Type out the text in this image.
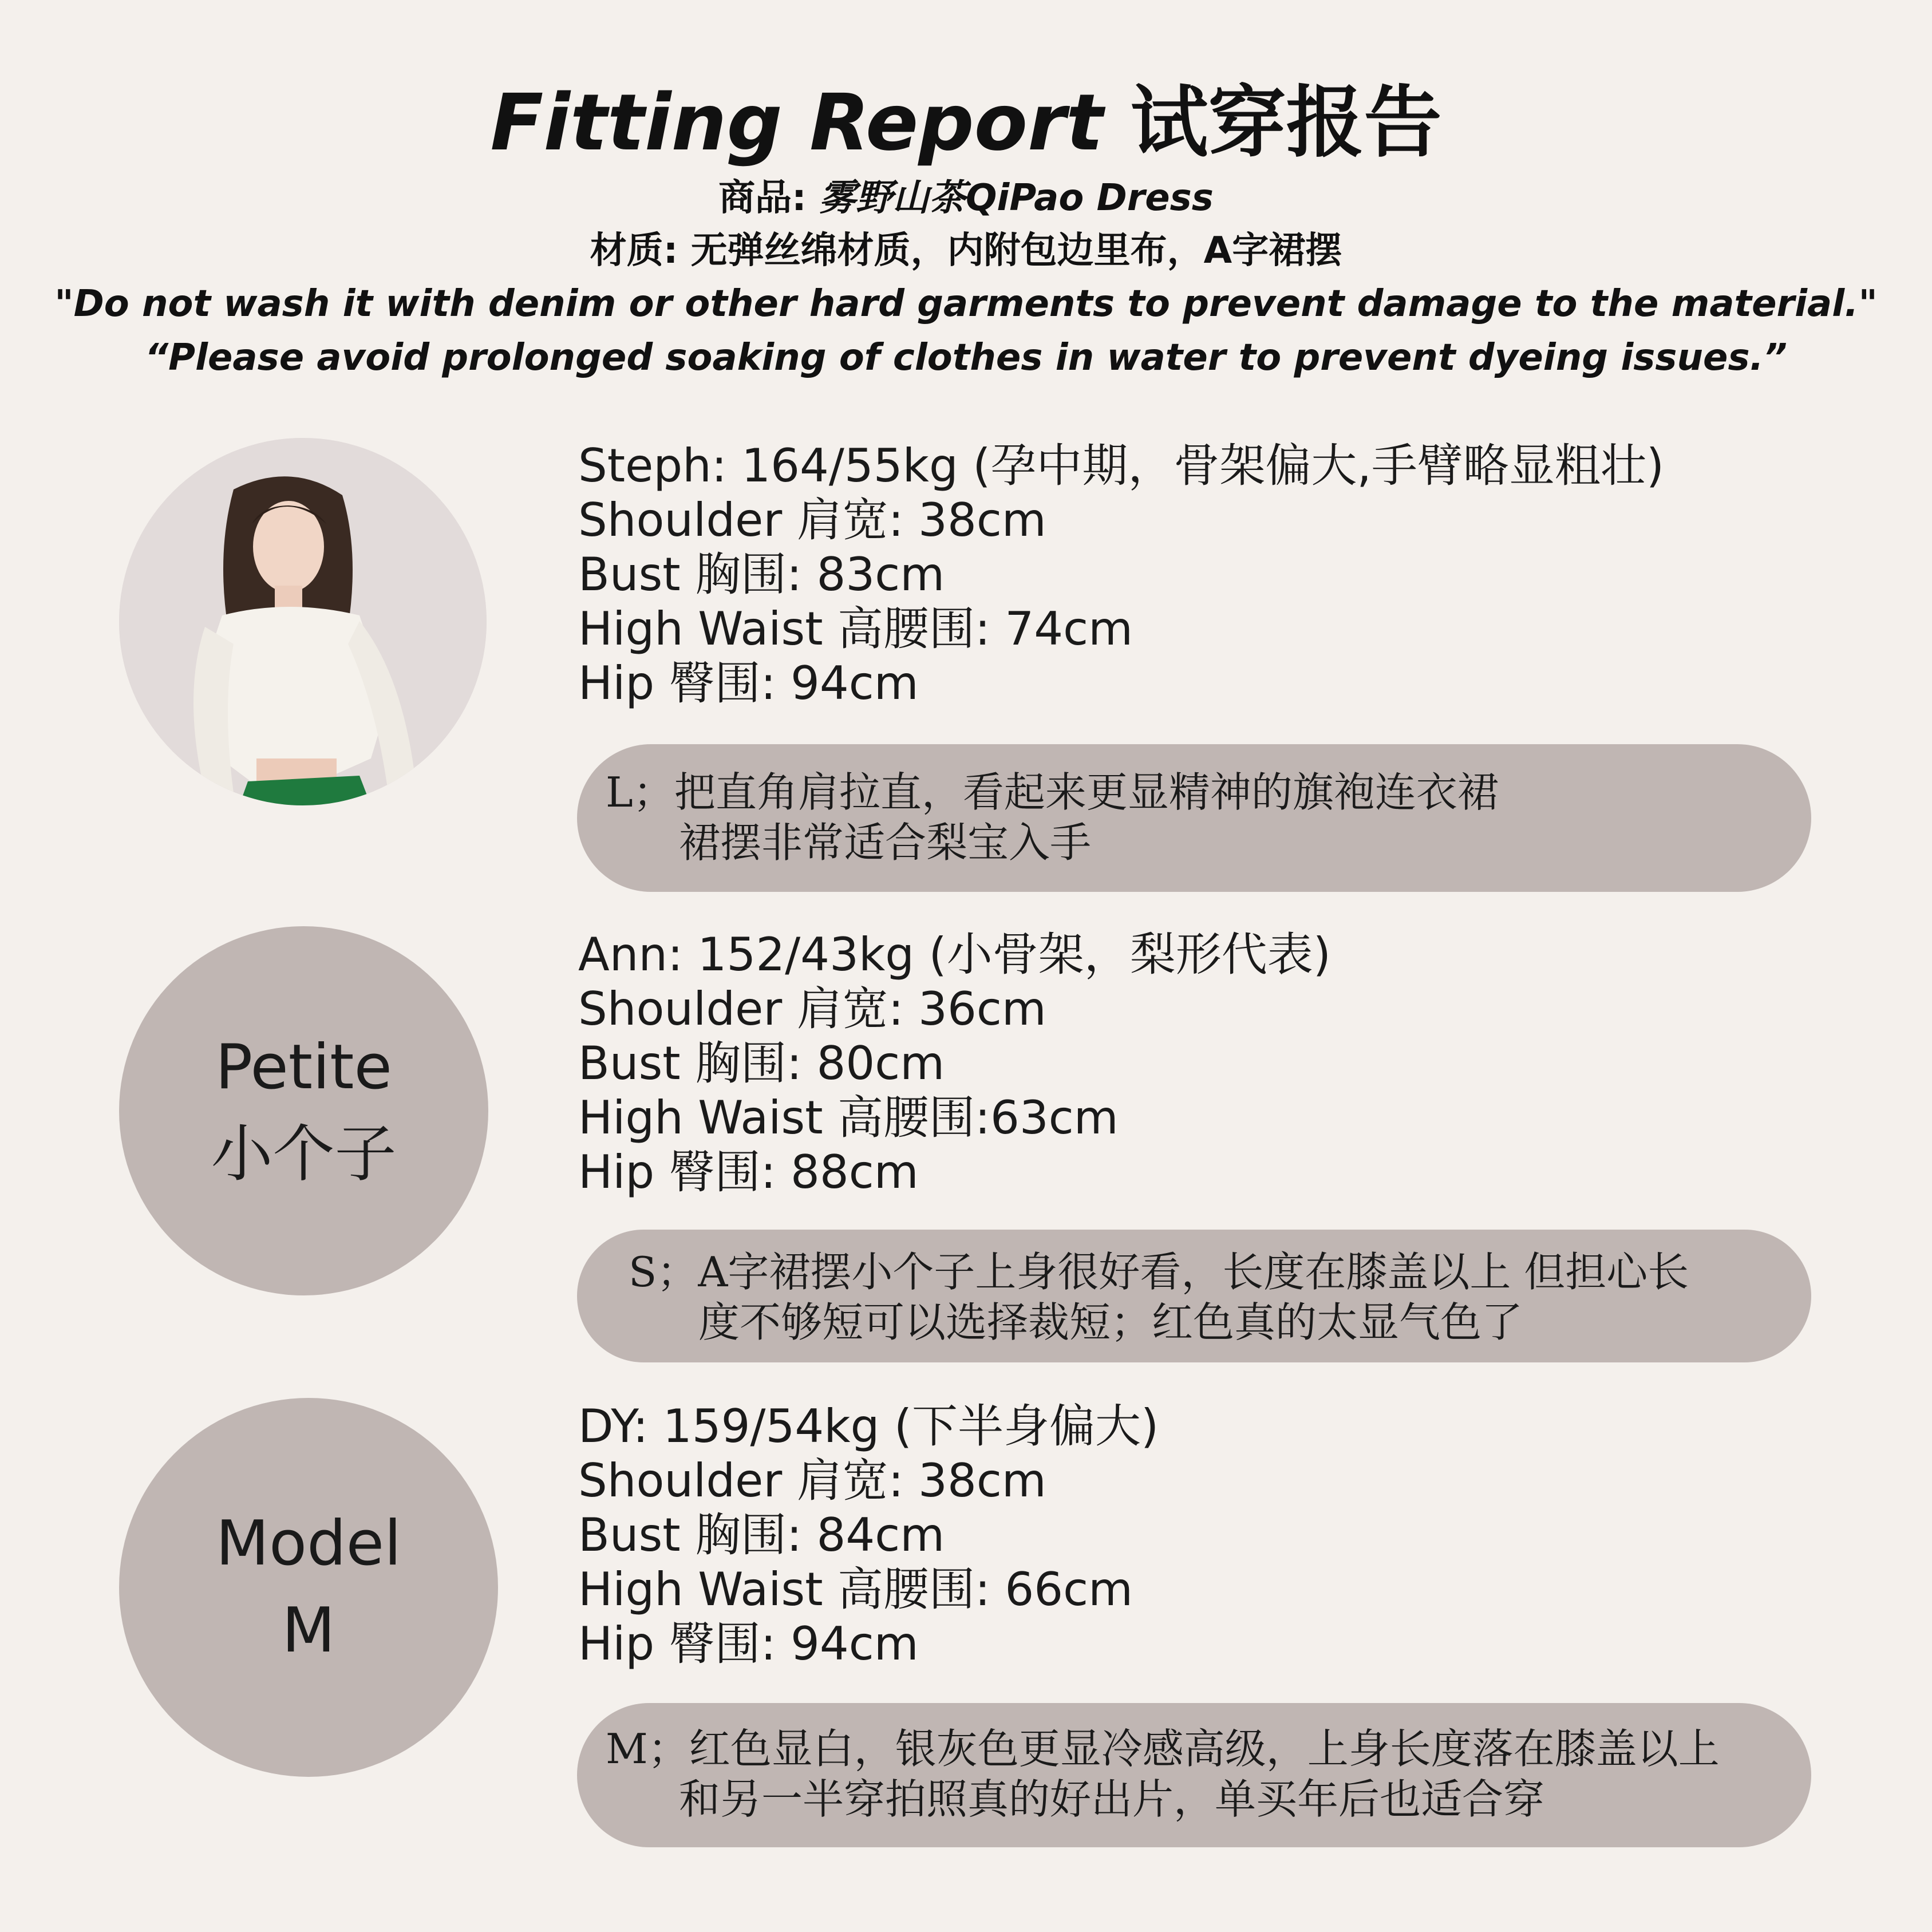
Fitting Report 试穿报告

商品: 雾野山茶QiPao Dress

材质: 无弹丝绵材质，内附包边里布，A字裙摆

"Do not wash it with denim or other hard garments to prevent damage to the material."

“Please avoid prolonged soaking of clothes in water to prevent dyeing issues.”

Steph: 164/55kg (孕中期，骨架偏大,手臂略显粗壮)
Shoulder 肩宽: 38cm
Bust 胸围: 83cm
High Waist 高腰围: 74cm
Hip 臀围: 94cm
L；把直角肩拉直，看起来更显精神的旗袍连衣裙
裙摆非常适合梨宝入手
Petite
小个子
Ann: 152/43kg (小骨架，梨形代表)
Shoulder 肩宽: 36cm
Bust 胸围: 80cm
High Waist 高腰围:63cm
Hip 臀围: 88cm
S；A字裙摆小个子上身很好看，长度在膝盖以上 但担心长
度不够短可以选择裁短；红色真的太显气色了
Model
M
DY: 159/54kg (下半身偏大)
Shoulder 肩宽: 38cm
Bust 胸围: 84cm
High Waist 高腰围: 66cm
Hip 臀围: 94cm
M；红色显白，银灰色更显冷感高级，上身长度落在膝盖以上
和另一半穿拍照真的好出片，单买年后也适合穿
